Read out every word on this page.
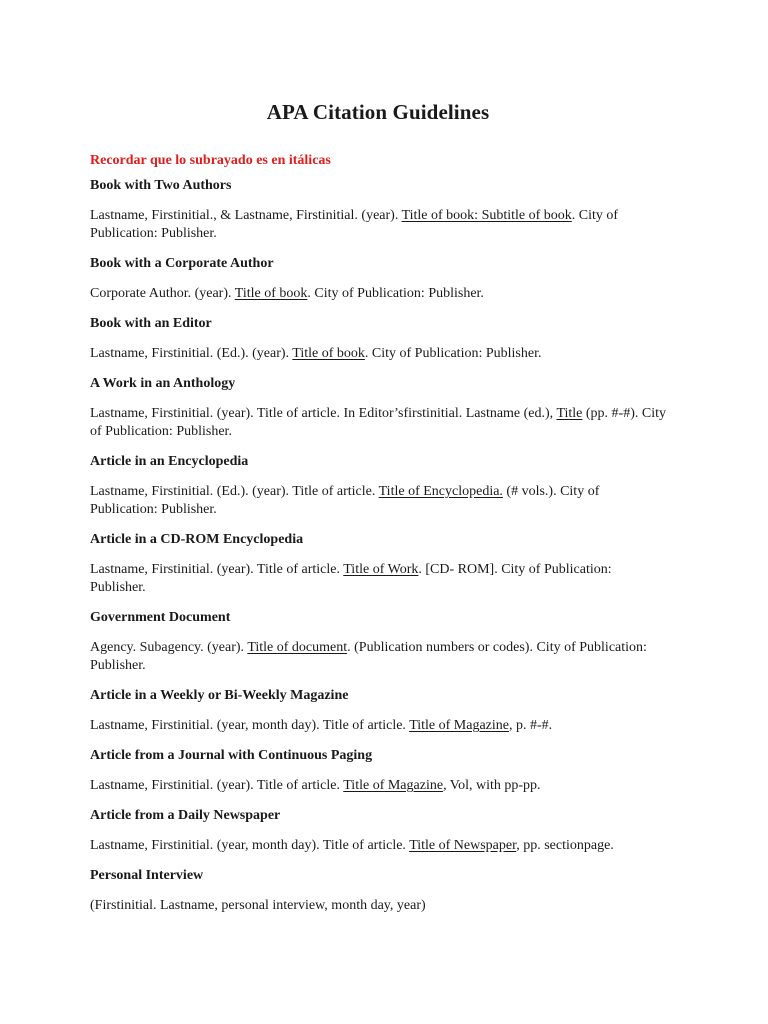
APA Citation Guidelines

Recordar que lo subrayado es en itálicas

Book with Two Authors

Lastname, Firstinitial., & Lastname, Firstinitial. (year). Title of book: Subtitle of book. City of Publication: Publisher.

Book with a Corporate Author

Corporate Author. (year). Title of book. City of Publication: Publisher.

Book with an Editor

Lastname, Firstinitial. (Ed.). (year). Title of book. City of Publication: Publisher.

A Work in an Anthology

Lastname, Firstinitial. (year). Title of article. In Editor’sfirstinitial. Lastname (ed.), Title (pp. #-#). City of Publication: Publisher.

Article in an Encyclopedia

Lastname, Firstinitial. (Ed.). (year). Title of article. Title of Encyclopedia. (# vols.). City of Publication: Publisher.

Article in a CD-ROM Encyclopedia

Lastname, Firstinitial. (year). Title of article. Title of Work. [CD- ROM]. City of Publication: Publisher.

Government Document

Agency. Subagency. (year). Title of document. (Publication numbers or codes). City of Publication: Publisher.

Article in a Weekly or Bi-Weekly Magazine

Lastname, Firstinitial. (year, month day). Title of article. Title of Magazine, p. #-#.

Article from a Journal with Continuous Paging

Lastname, Firstinitial. (year). Title of article. Title of Magazine, Vol, with pp-pp.

Article from a Daily Newspaper

Lastname, Firstinitial. (year, month day). Title of article. Title of Newspaper, pp. sectionpage.

Personal Interview

(Firstinitial. Lastname, personal interview, month day, year)
